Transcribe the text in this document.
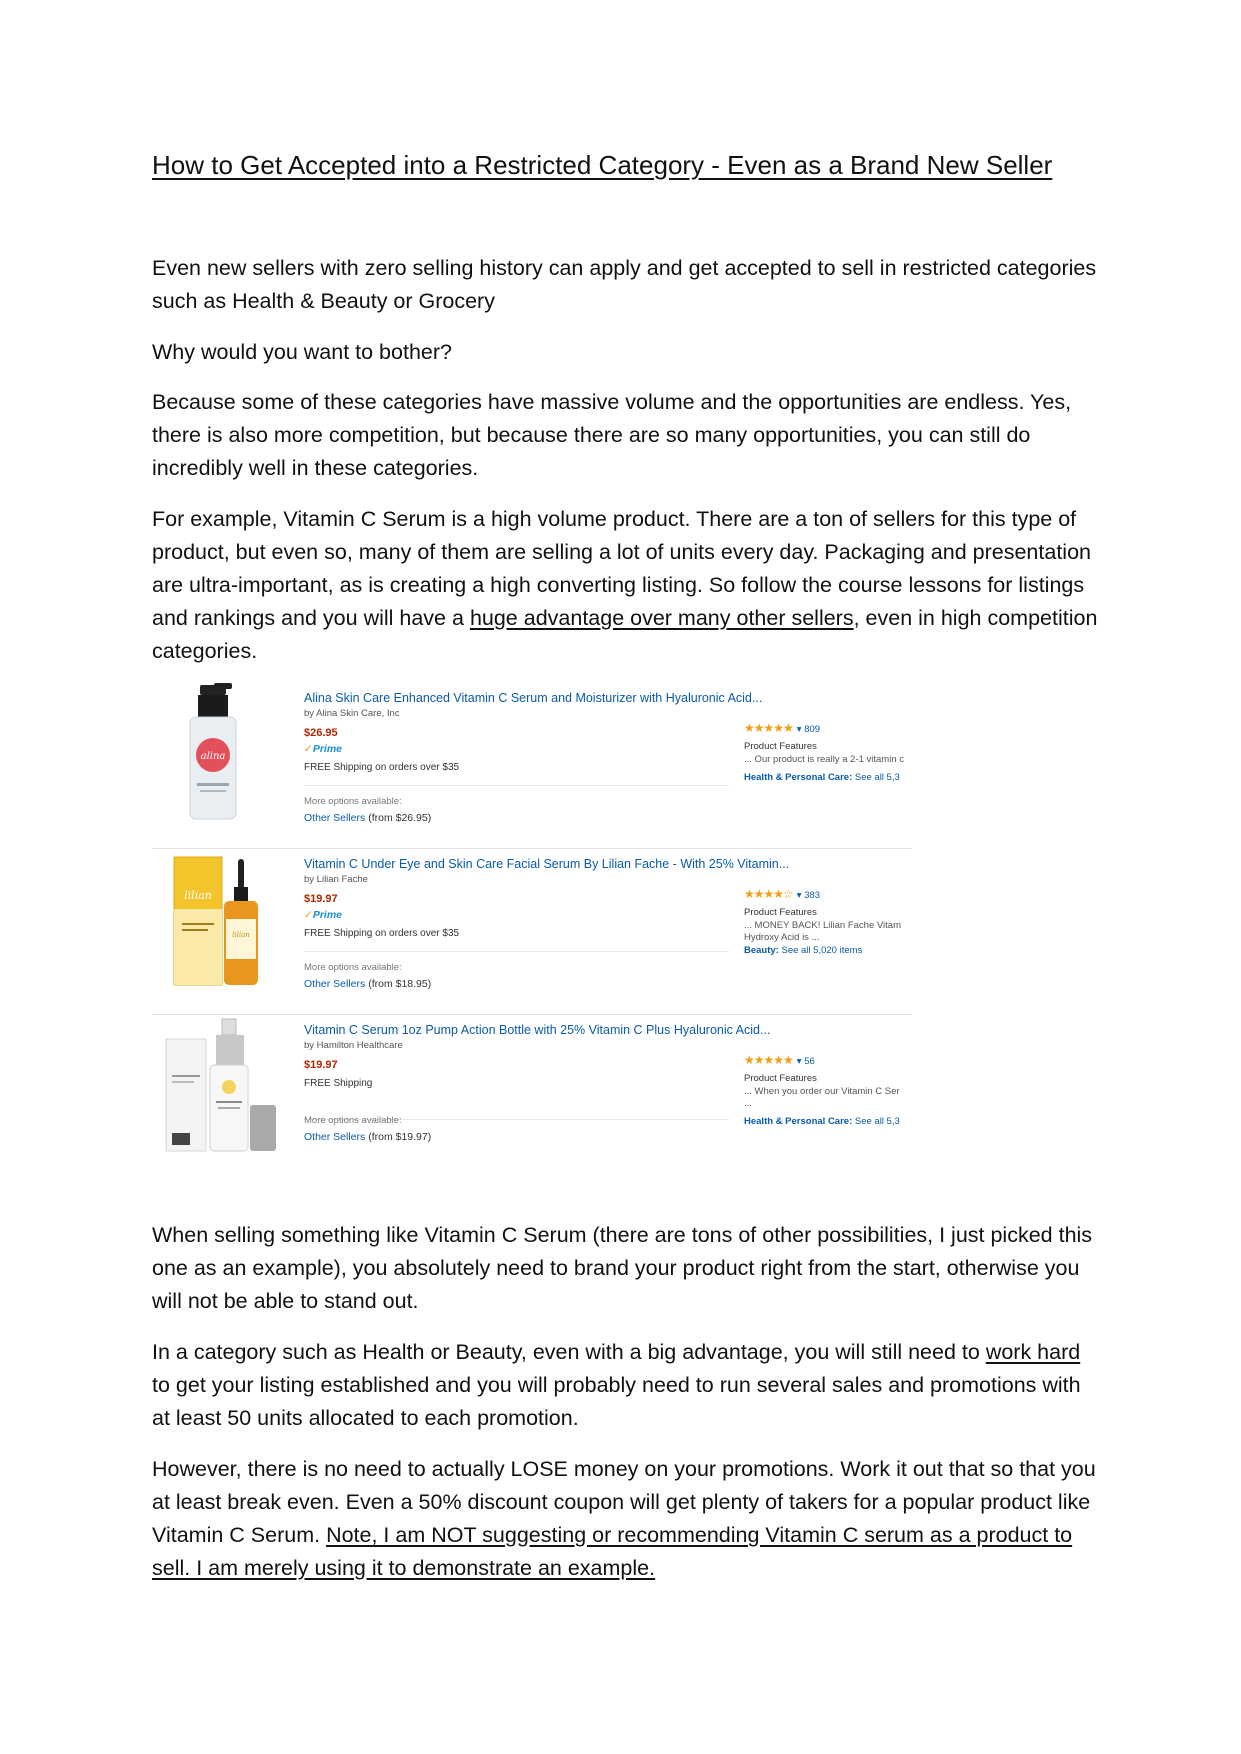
How to Get Accepted into a Restricted Category - Even as a Brand New Seller
Even new sellers with zero selling history can apply and get accepted to sell in restricted categories such as Health & Beauty or Grocery
Why would you want to bother?
Because some of these categories have massive volume and the opportunities are endless. Yes, there is also more competition, but because there are so many opportunities, you can still do incredibly well in these categories.
For example, Vitamin C Serum is a high volume product. There are a ton of sellers for this type of product, but even so, many of them are selling a lot of units every day. Packaging and presentation are ultra-important, as is creating a high converting listing. So follow the course lessons for listings and rankings and you will have a huge advantage over many other sellers, even in high competition categories.
alina
Alina Skin Care Enhanced Vitamin C Serum and Moisturizer with Hyaluronic Acid...
by Alina Skin Care, Inc
$26.95
✓Prime
FREE Shipping on orders over $35
More options available:
Other Sellers (from $26.95)
★★★★★ ▾ 809
Product Features
... Our product is really a 2-1 vitamin c
Health & Personal Care: See all 5,3
lilian
lilian
Vitamin C Under Eye and Skin Care Facial Serum By Lilian Fache - With 25% Vitamin...
by Lilian Fache
$19.97
✓Prime
FREE Shipping on orders over $35
More options available:
Other Sellers (from $18.95)
★★★★☆ ▾ 383
Product Features
... MONEY BACK! Lilian Fache Vitam
Hydroxy Acid is ...
Beauty: See all 5,020 items
Vitamin C Serum 1oz Pump Action Bottle with 25% Vitamin C Plus Hyaluronic Acid...
by Hamilton Healthcare
$19.97
FREE Shipping
More options available:
Other Sellers (from $19.97)
★★★★★ ▾ 56
Product Features
... When you order our Vitamin C Ser
...
Health & Personal Care: See all 5,3
When selling something like Vitamin C Serum (there are tons of other possibilities, I just picked this one as an example), you absolutely need to brand your product right from the start, otherwise you will not be able to stand out.
In a category such as Health or Beauty, even with a big advantage, you will still need to work hard to get your listing established and you will probably need to run several sales and promotions with at least 50 units allocated to each promotion.
However, there is no need to actually LOSE money on your promotions. Work it out that so that you at least break even. Even a 50% discount coupon will get plenty of takers for a popular product like Vitamin C Serum. Note, I am NOT suggesting or recommending Vitamin C serum as a product to sell. I am merely using it to demonstrate an example.
